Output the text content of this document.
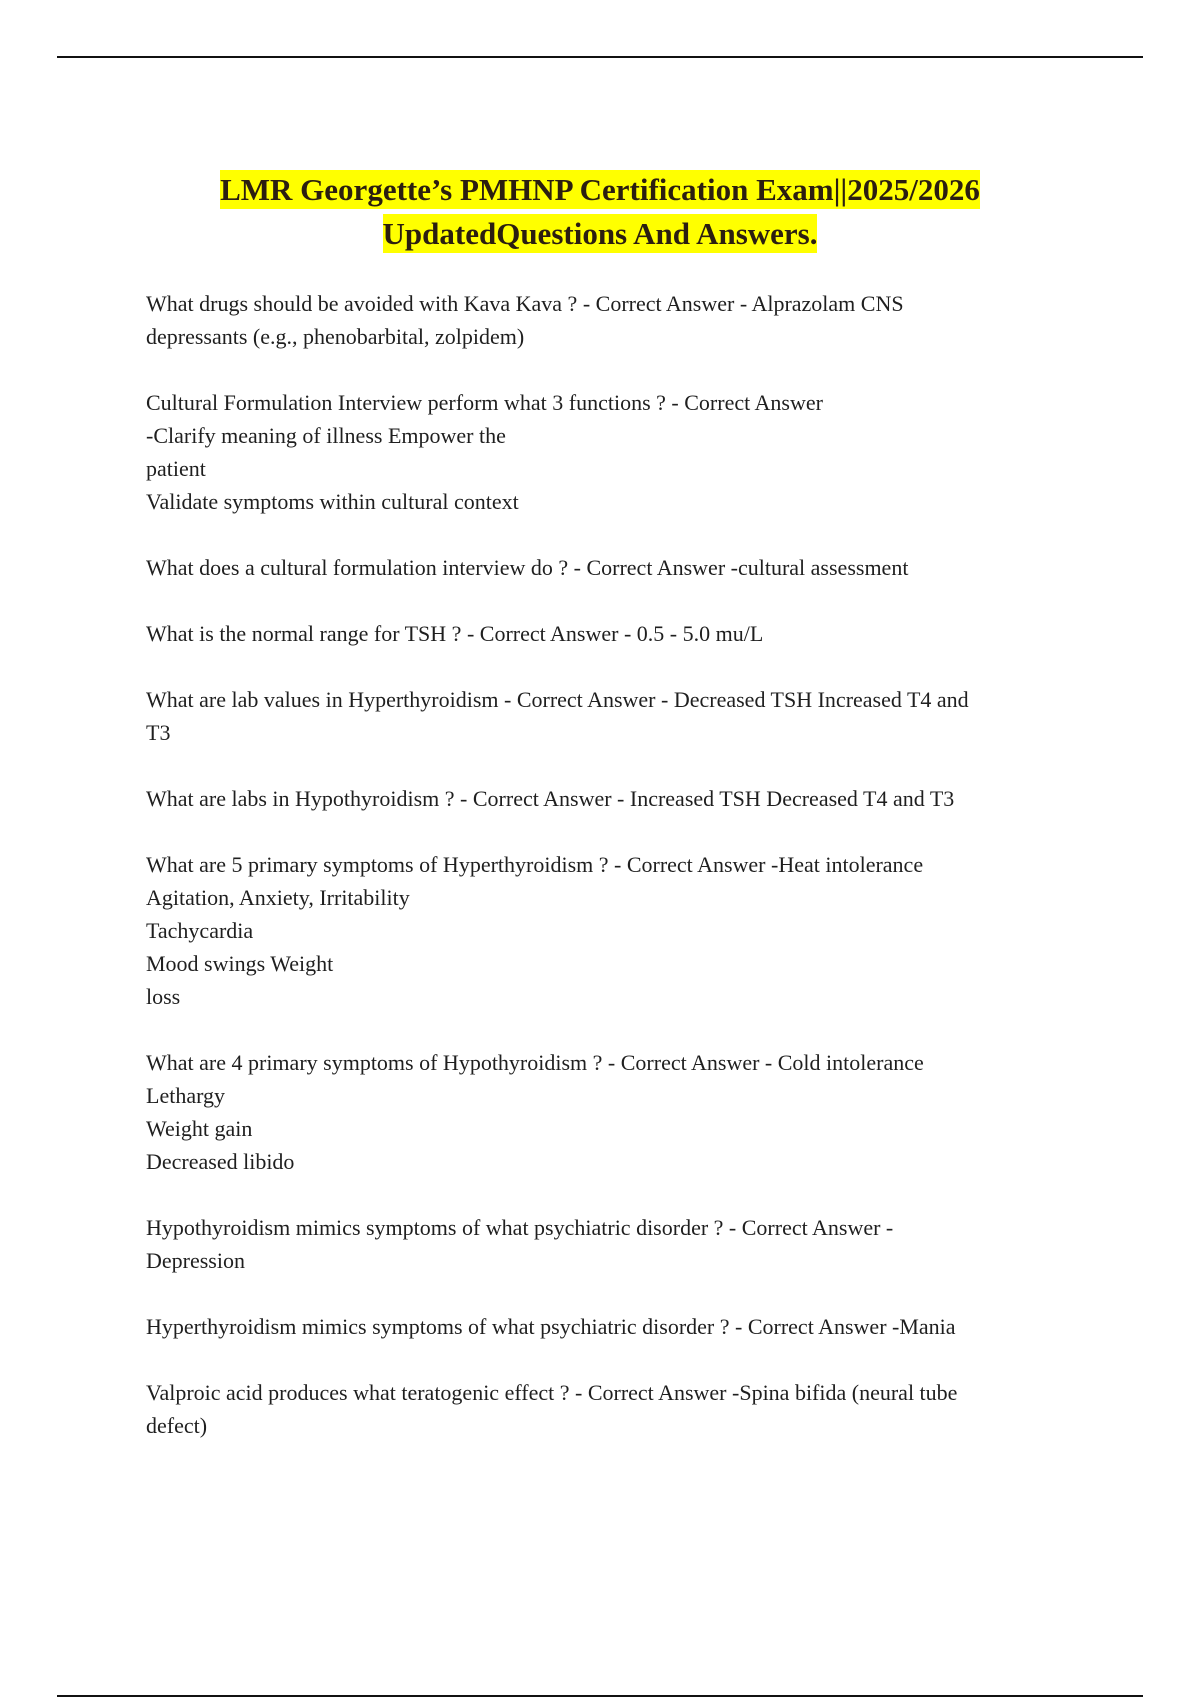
LMR Georgette’s PMHNP Certification Exam||2025/2026
UpdatedQuestions And Answers.
What drugs should be avoided with Kava Kava ? - Correct Answer - Alprazolam CNS
depressants (e.g., phenobarbital, zolpidem)
Cultural Formulation Interview perform what 3 functions ? - Correct Answer
-Clarify meaning of illness Empower the
patient
Validate symptoms within cultural context
What does a cultural formulation interview do ? - Correct Answer -cultural assessment
What is the normal range for TSH ? - Correct Answer - 0.5 - 5.0 mu/L
What are lab values in Hyperthyroidism - Correct Answer - Decreased TSH Increased T4 and
T3
What are labs in Hypothyroidism ? - Correct Answer - Increased TSH Decreased T4 and T3
What are 5 primary symptoms of Hyperthyroidism ? - Correct Answer -Heat intolerance
Agitation, Anxiety, Irritability
Tachycardia
Mood swings Weight
loss
What are 4 primary symptoms of Hypothyroidism ? - Correct Answer - Cold intolerance
Lethargy
Weight gain
Decreased libido
Hypothyroidism mimics symptoms of what psychiatric disorder ? - Correct Answer -
Depression
Hyperthyroidism mimics symptoms of what psychiatric disorder ? - Correct Answer -Mania
Valproic acid produces what teratogenic effect ? - Correct Answer -Spina bifida (neural tube
defect)
